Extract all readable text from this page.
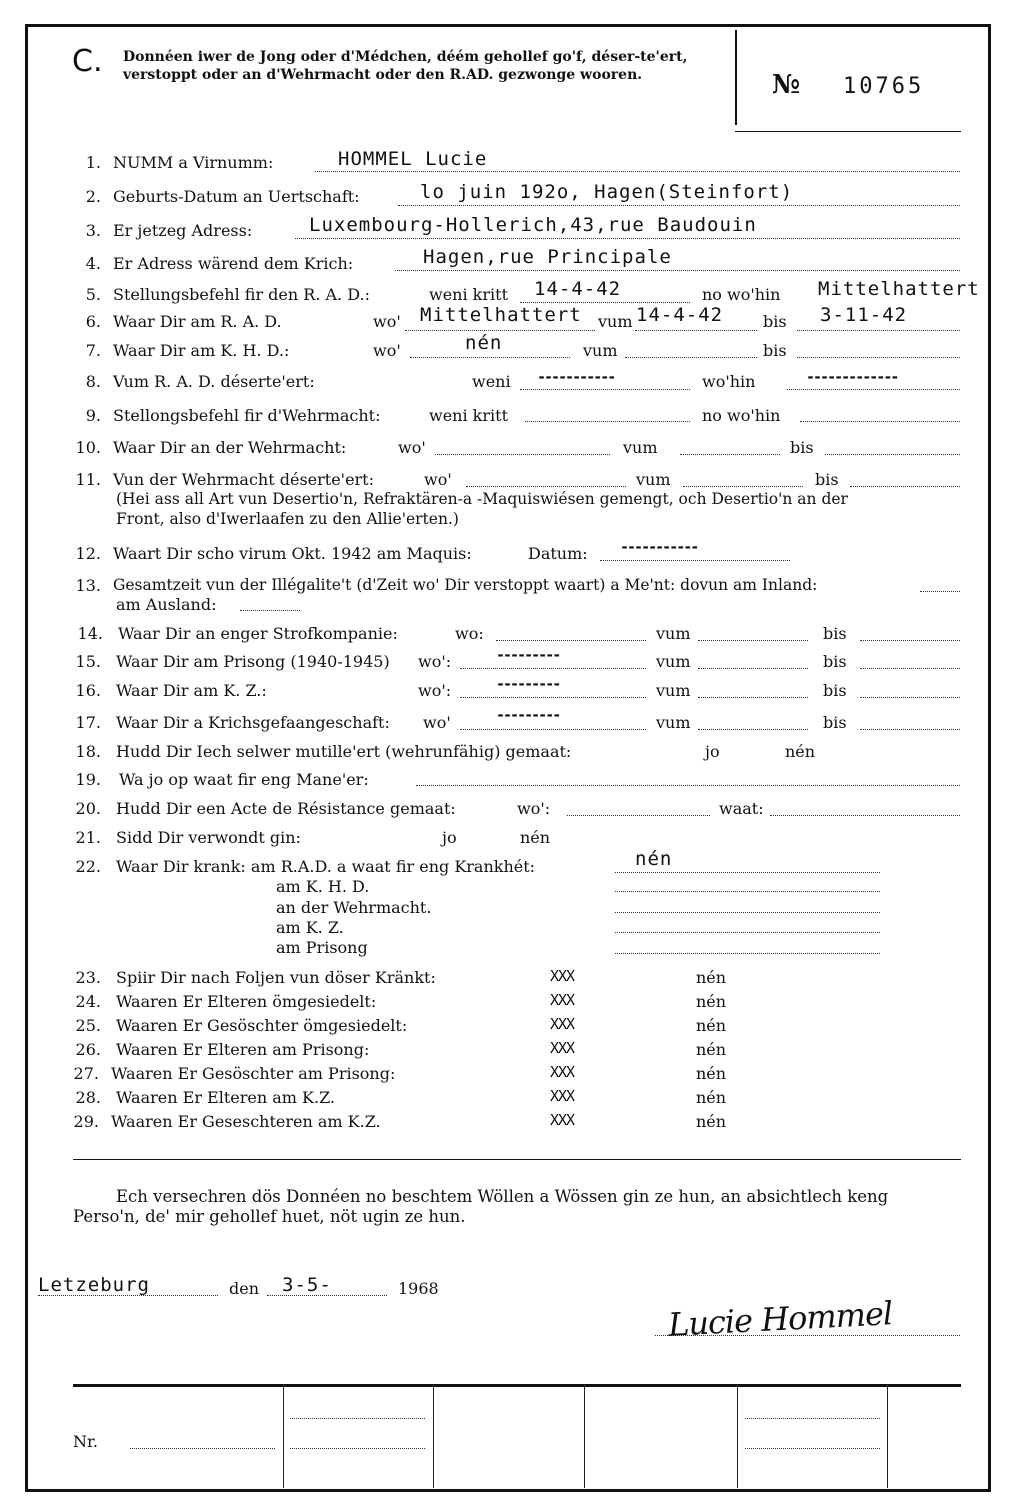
C. Donnéen iwer de Jong oder d'Médchen, déém gehollef go'f, déser-te'ert, verstoppt oder an d'Wehrmacht oder den R.AD. gezwonge wooren.	№ 10765
1. NUMM a Virnumm:	HOMMEL Lucie
2. Geburts-Datum an Uertschaft:	lo juin 192o, Hagen(Steinfort)
3. Er jetzeg Adress:	Luxembourg-Hollerich,43,rue Baudouin
4. Er Adress wärend dem Krich:	Hagen,rue Principale
5. Stellungsbefehl fir den R. A. D.:	weni kritt 14-4-42	no wo'hin Mittelhattert
6. Waar Dir am R. A. D.	wo' Mittelhattert vum 14-4-42 bis 3-11-42
7. Waar Dir am K. H. D.:	wo'	nén	vum	bis
8. Vum R. A. D. déserte'ert:	weni -----------	wo'hin	-------------
9. Stellongsbefehl fir d'Wehrmacht:	weni kritt	no wo'hin
10. Waar Dir an der Wehrmacht:	wo'	vum	bis
11. Vun der Wehrmacht déserte'ert:	wo'	vum	bis
(Hei ass all Art vun Desertio'n, Refraktären-a -Maquiswiésen gemengt, och Desertio'n an der
Front, also d'Iwerlaafen zu den Allie'erten.)
12. Waart Dir scho virum Okt. 1942 am Maquis:	Datum: -----------
13. Gesamtzeit vun der Illégalite't (d'Zeit wo' Dir verstoppt waart) a Me'nt: dovun am Inland:
am Ausland:
14. Waar Dir an enger Strofkompanie:	wo:	vum	bis
15. Waar Dir am Prisong (1940-1945) wo':	---------	vum	bis
16. Waar Dir am K. Z.:	wo':	---------	vum	bis
17. Waar Dir a Krichsgefaangeschaft: wo'	---------	vum	bis
18. Hudd Dir Iech selwer mutille'ert (wehrunfähig) gemaat:	jo	nén
19. Wa jo op waat fir eng Mane'er:
20. Hudd Dir een Acte de Résistance gemaat:	wo':	waat:
21. Sidd Dir verwondt gin:	jo	nén
22. Waar Dir krank: am R.A.D. a waat fir eng Krankhét:	nén
am K. H. D.
an der Wehrmacht.
am K. Z.
am Prisong
23. Spiir Dir nach Foljen vun döser Kränkt:	XXX	nén
24. Waaren Er Elteren ömgesiedelt:	XXX	nén
25. Waaren Er Gesöschter ömgesiedelt:	XXX	nén
26. Waaren Er Elteren am Prisong:	XXX	nén
27. Waaren Er Gesöschter am Prisong:	XXX	nén
28. Waaren Er Elteren am K.Z.	XXX	nén
29. Waaren Er Geseschteren am K.Z.	XXX	nén
Ech versechren dös Donnéen no beschtem Wöllen a Wössen gin ze hun, an absichtlech keng
Perso'n, de' mir gehollef huet, nöt ugin ze hun.
Letzeburg	den 3-5-	1968
Lucie Hommel
Nr.
